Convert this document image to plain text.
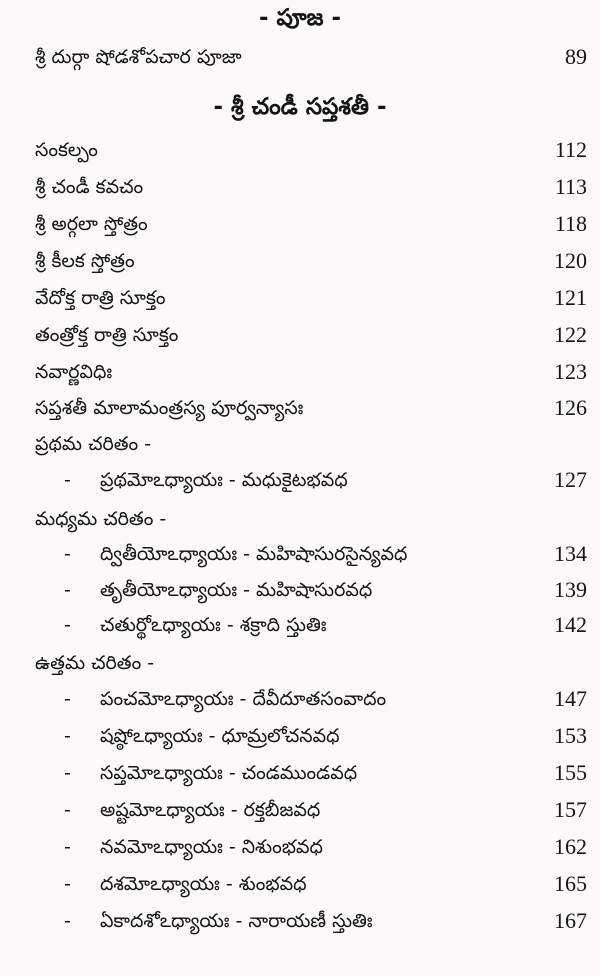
- పూజ -
శ్రీ దుర్గా షోడశోపచార పూజా	89
- శ్రీ చండీ సప్తశతీ -
సంకల్పం	112
శ్రీ చండీ కవచం	113
శ్రీ అర్గలా స్తోత్రం	118
శ్రీ కీలక స్తోత్రం	120
వేదోక్త రాత్రి సూక్తం	121
తంత్రోక్త రాత్రి సూక్తం	122
నవార్ణవిధిః	123
సప్తశతీ మాలామంత్రస్య పూర్వన్యాసః	126
ప్రథమ చరితం -
- ప్రథమోఽధ్యాయః - మధుకైటభవధ	127
మధ్యమ చరితం -
- ద్వితీయోఽధ్యాయః - మహిషాసురసైన్యవధ	134
- తృతీయోఽధ్యాయః - మహిషాసురవధ	139
- చతుర్థోఽధ్యాయః - శక్రాది స్తుతిః	142
ఉత్తమ చరితం -
- పంచమోఽధ్యాయః - దేవీదూతసంవాదం	147
- షష్ఠోఽధ్యాయః - ధూమ్రలోచనవధ	153
- సప్తమోఽధ్యాయః - చండముండవధ	155
- అష్టమోఽధ్యాయః - రక్తబీజవధ	157
- నవమోఽధ్యాయః - నిశుంభవధ	162
- దశమోఽధ్యాయః - శుంభవధ	165
- ఏకాదశోఽధ్యాయః - నారాయణీ స్తుతిః	167
